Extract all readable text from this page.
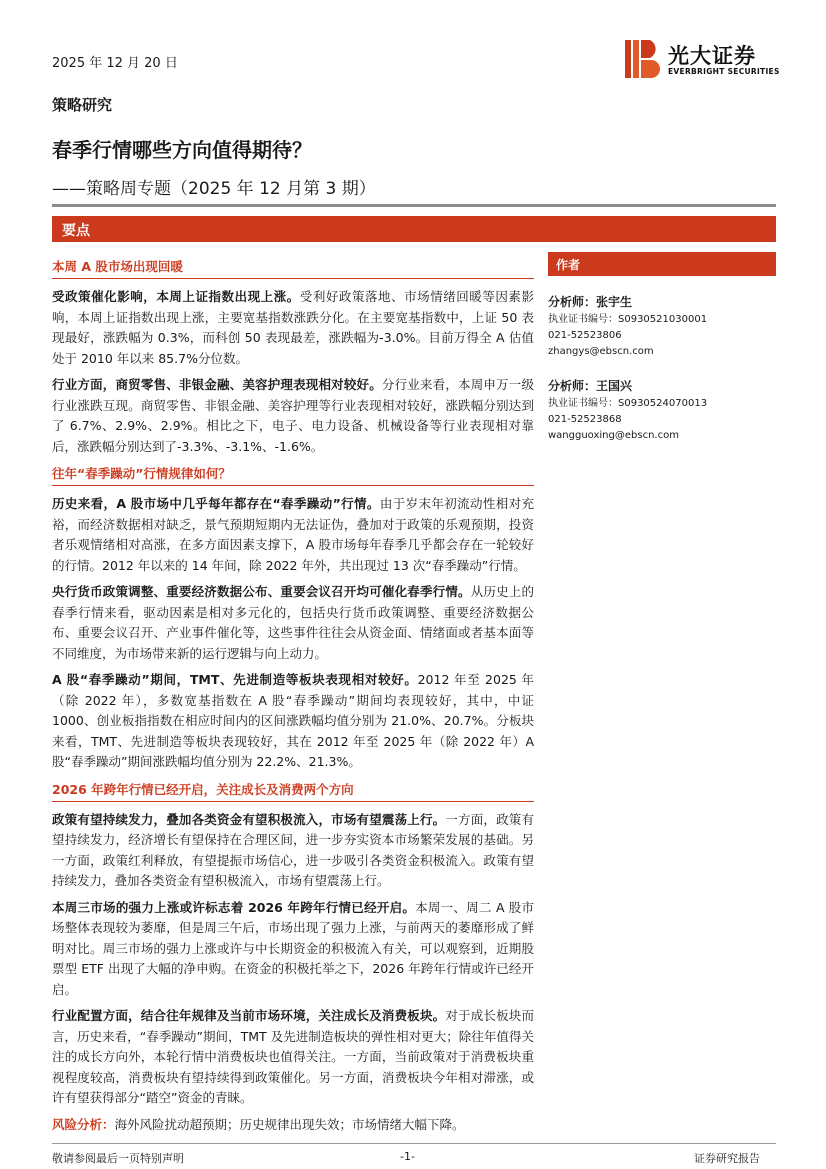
2025 年 12 月 20 日	光大证券
EVERBRIGHT SECURITIES
策略研究
春季行情哪些方向值得期待？
——策略周专题（2025 年 12 月第 3 期）
要点
本周 A 股市场出现回暖
受政策催化影响，本周上证指数出现上涨。受利好政策落地、市场情绪回暖等因素影响，本周上证指数出现上涨，主要宽基指数涨跌分化。在主要宽基指数中，上证 50 表现最好，涨跌幅为 0.3%，而科创 50 表现最差，涨跌幅为-3.0%。目前万得全 A 估值处于 2010 年以来 85.7%分位数。
行业方面，商贸零售、非银金融、美容护理表现相对较好。分行业来看，本周申万一级行业涨跌互现。商贸零售、非银金融、美容护理等行业表现相对较好，涨跌幅分别达到了 6.7%、2.9%、2.9%。相比之下，电子、电力设备、机械设备等行业表现相对靠后，涨跌幅分别达到了-3.3%、-3.1%、-1.6%。
往年“春季躁动”行情规律如何？
历史来看，A 股市场中几乎每年都存在“春季躁动”行情。由于岁末年初流动性相对充裕，而经济数据相对缺乏，景气预期短期内无法证伪，叠加对于政策的乐观预期，投资者乐观情绪相对高涨，在多方面因素支撑下，A 股市场每年春季几乎都会存在一轮较好的行情。2012 年以来的 14 年间，除 2022 年外，共出现过 13 次“春季躁动”行情。
央行货币政策调整、重要经济数据公布、重要会议召开均可催化春季行情。从历史上的春季行情来看，驱动因素是相对多元化的，包括央行货币政策调整、重要经济数据公布、重要会议召开、产业事件催化等，这些事件往往会从资金面、情绪面或者基本面等不同维度，为市场带来新的运行逻辑与向上动力。
A 股“春季躁动”期间，TMT、先进制造等板块表现相对较好。2012 年至 2025 年（除 2022 年），多数宽基指数在 A 股“春季躁动”期间均表现较好，其中，中证 1000、创业板指指数在相应时间内的区间涨跌幅均值分别为 21.0%、20.7%。分板块来看，TMT、先进制造等板块表现较好，其在 2012 年至 2025 年（除 2022 年）A 股“春季躁动”期间涨跌幅均值分别为 22.2%、21.3%。
2026 年跨年行情已经开启，关注成长及消费两个方向
政策有望持续发力，叠加各类资金有望积极流入，市场有望震荡上行。一方面，政策有望持续发力，经济增长有望保持在合理区间，进一步夯实资本市场繁荣发展的基础。另一方面，政策红利释放，有望提振市场信心，进一步吸引各类资金积极流入。政策有望持续发力，叠加各类资金有望积极流入，市场有望震荡上行。
本周三市场的强力上涨或许标志着 2026 年跨年行情已经开启。本周一、周二 A 股市场整体表现较为萎靡，但是周三午后，市场出现了强力上涨，与前两天的萎靡形成了鲜明对比。周三市场的强力上涨或许与中长期资金的积极流入有关，可以观察到，近期股票型 ETF 出现了大幅的净申购。在资金的积极托举之下，2026 年跨年行情或许已经开启。
行业配置方面，结合往年规律及当前市场环境，关注成长及消费板块。对于成长板块而言，历史来看，“春季躁动”期间，TMT 及先进制造板块的弹性相对更大；除往年值得关注的成长方向外，本轮行情中消费板块也值得关注。一方面，当前政策对于消费板块重视程度较高，消费板块有望持续得到政策催化。另一方面，消费板块今年相对滞涨，或许有望获得部分“踏空”资金的青睐。
风险分析：海外风险扰动超预期；历史规律出现失效；市场情绪大幅下降。
作者
分析师：张宇生
执业证书编号：S0930521030001
021-52523806
zhangys@ebscn.com
分析师：王国兴
执业证书编号：S0930524070013
021-52523868
wangguoxing@ebscn.com
敬请参阅最后一页特别声明	-1-	证券研究报告
